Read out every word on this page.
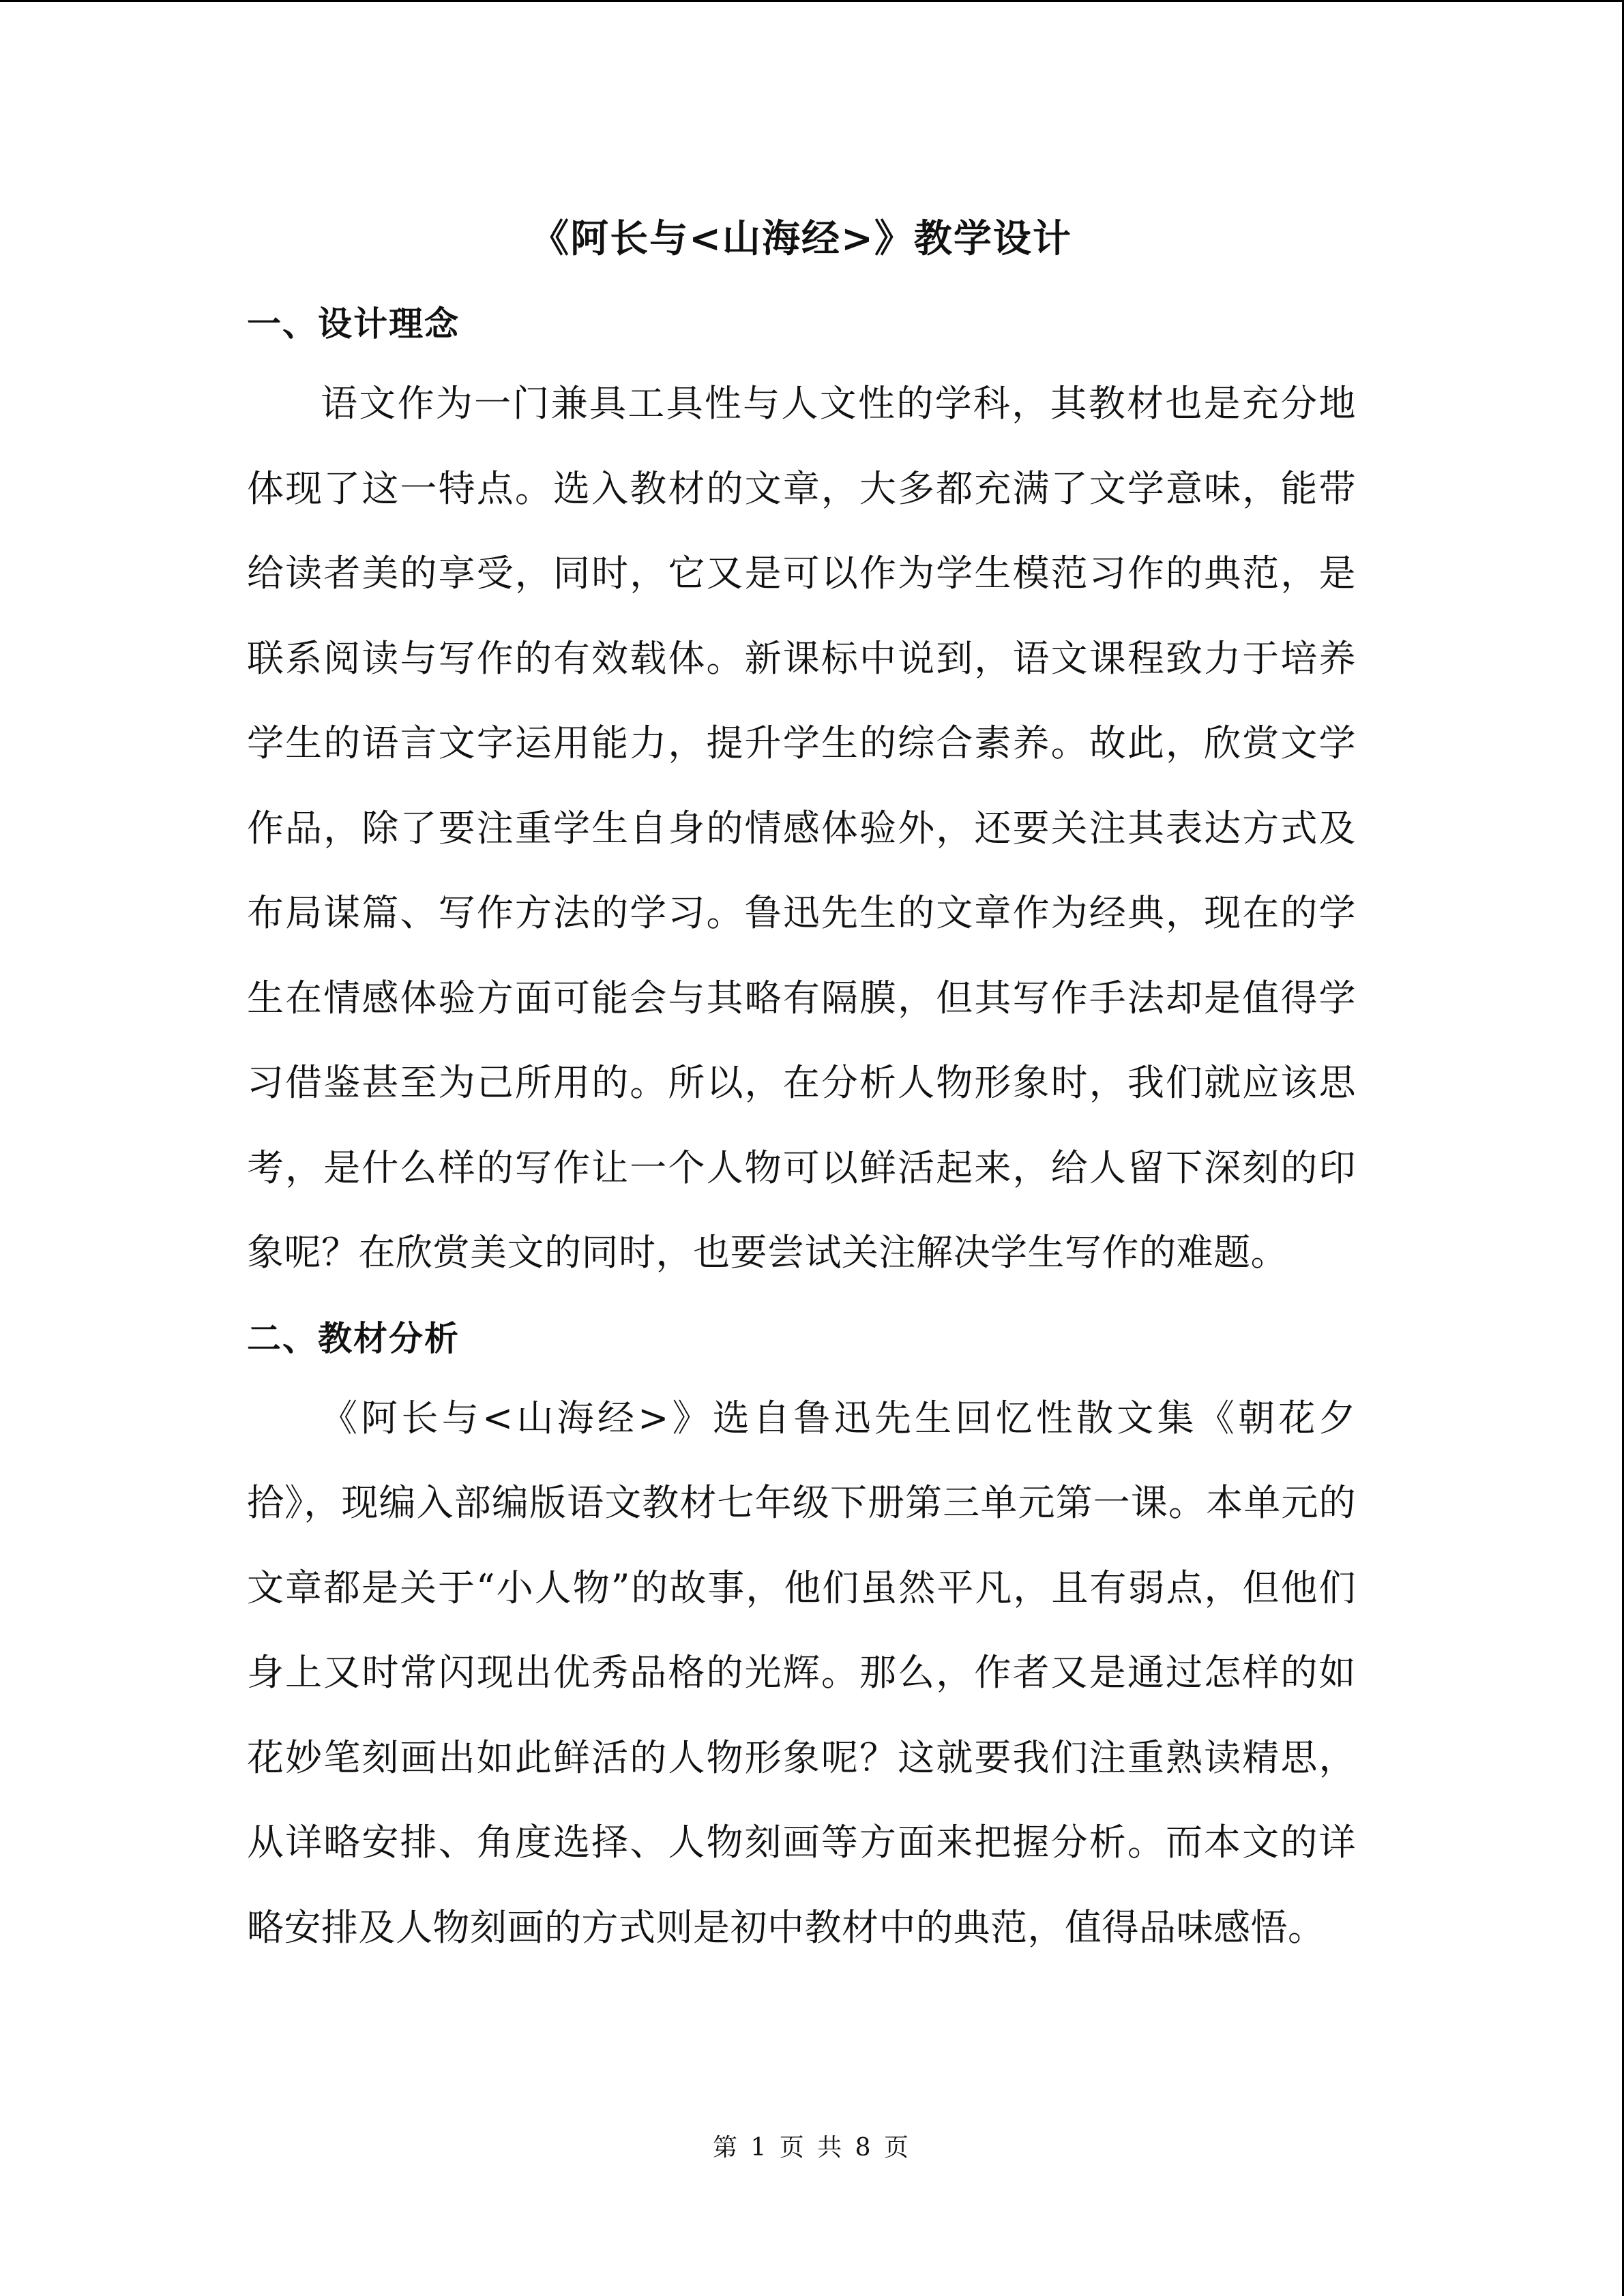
《阿长与<山海经>》教学设计
一、设计理念

语文作为一门兼具工具性与人文性的学科，其教材也是充分地体现了这一特点。选入教材的文章，大多都充满了文学意味，能带给读者美的享受，同时，它又是可以作为学生模范习作的典范，是联系阅读与写作的有效载体。新课标中说到，语文课程致力于培养学生的语言文字运用能力，提升学生的综合素养。故此，欣赏文学作品，除了要注重学生自身的情感体验外，还要关注其表达方式及布局谋篇、写作方法的学习。鲁迅先生的文章作为经典，现在的学生在情感体验方面可能会与其略有隔膜，但其写作手法却是值得学习借鉴甚至为己所用的。所以，在分析人物形象时，我们就应该思考，是什么样的写作让一个人物可以鲜活起来，给人留下深刻的印象呢？在欣赏美文的同时，也要尝试关注解决学生写作的难题。

二、教材分析

《阿长与<山海经>》选自鲁迅先生回忆性散文集《朝花夕拾》，现编入部编版语文教材七年级下册第三单元第一课。本单元的文章都是关于“小人物”的故事，他们虽然平凡，且有弱点，但他们身上又时常闪现出优秀品格的光辉。那么，作者又是通过怎样的如花妙笔刻画出如此鲜活的人物形象呢？这就要我们注重熟读精思，从详略安排、角度选择、人物刻画等方面来把握分析。而本文的详略安排及人物刻画的方式则是初中教材中的典范，值得品味感悟。

第 1 页 共 8 页
